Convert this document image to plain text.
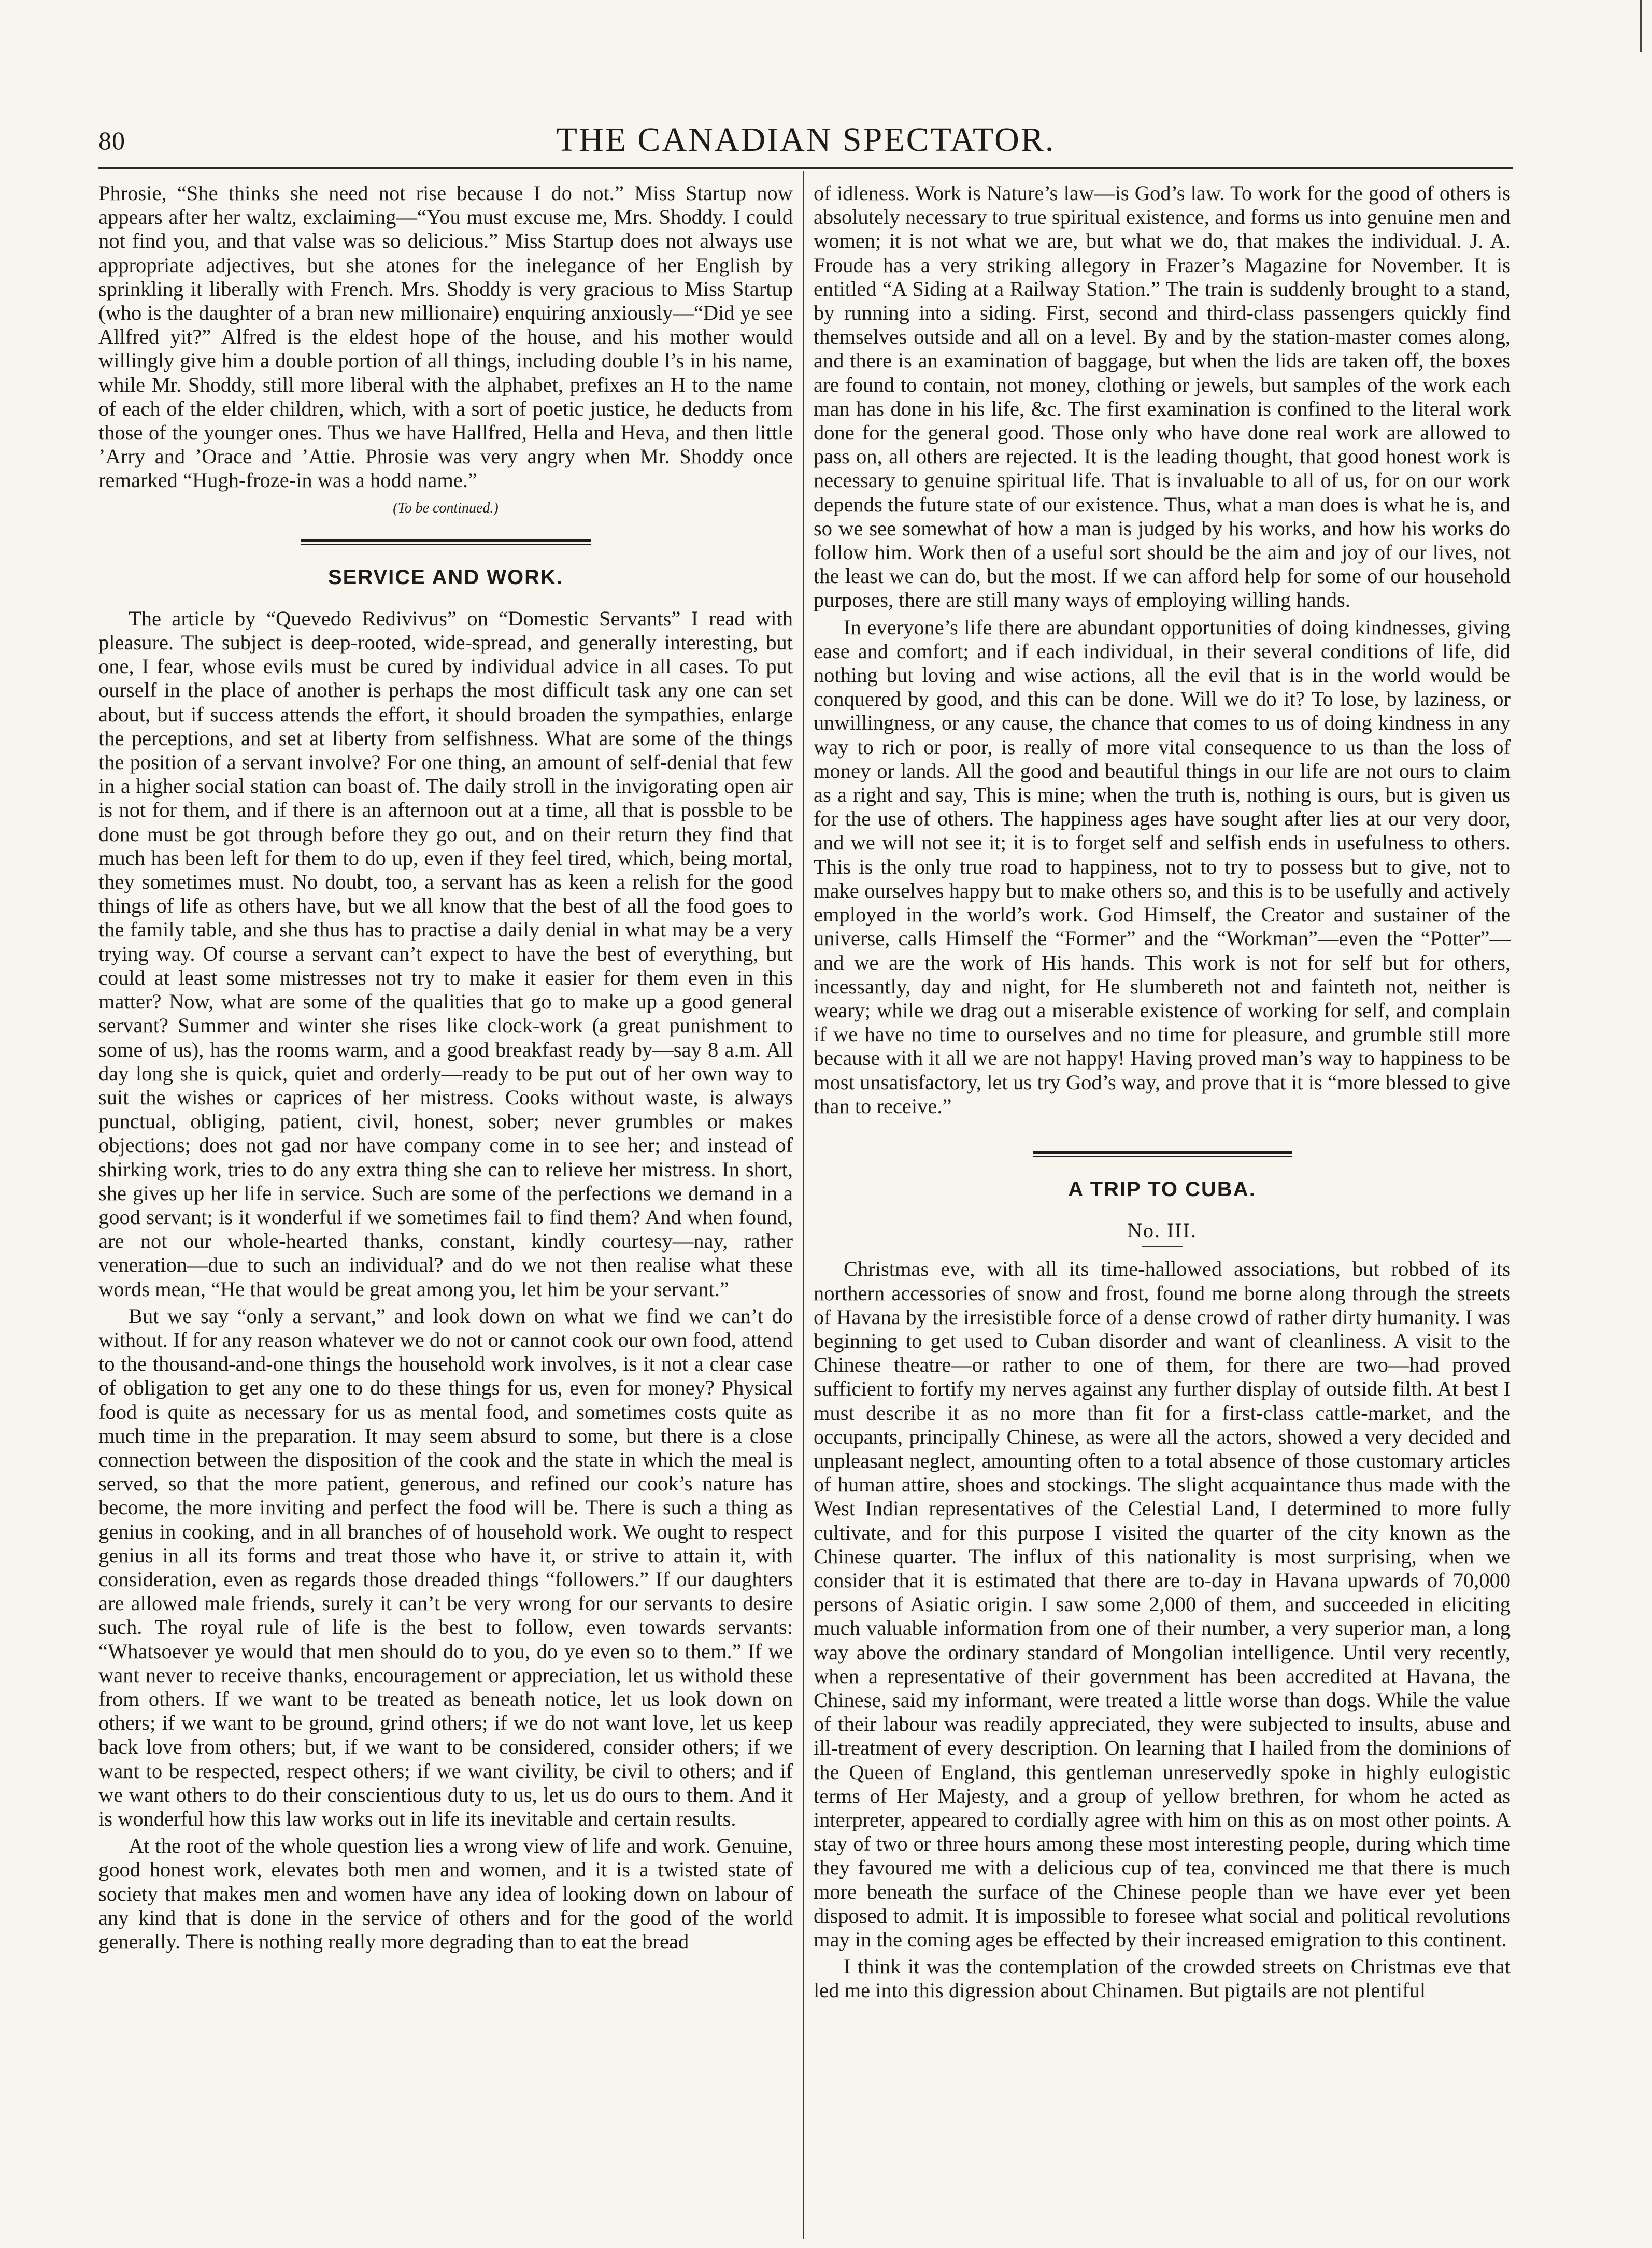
80	THE CANADIAN SPECTATOR.

Phrosie, “She thinks she need not rise because I do not.” Miss Startup now appears after her waltz, exclaiming—“You must excuse me, Mrs. Shoddy. I could not find you, and that valse was so delicious.” Miss Startup does not always use appropriate adjectives, but she atones for the inelegance of her English by sprinkling it liberally with French. Mrs. Shoddy is very gracious to Miss Startup (who is the daughter of a bran new millionaire) enquiring anxiously—“Did ye see Allfred yit?” Alfred is the eldest hope of the house, and his mother would willingly give him a double portion of all things, including double l’s in his name, while Mr. Shoddy, still more liberal with the alphabet, prefixes an H to the name of each of the elder children, which, with a sort of poetic justice, he deducts from those of the younger ones. Thus we have Hallfred, Hella and Heva, and then little ’Arry and ’Orace and ’Attie. Phrosie was very angry when Mr. Shoddy once remarked “Hugh-froze-in was a hodd name.”

(To be continued.)
SERVICE AND WORK.

The article by “Quevedo Redivivus” on “Domestic Servants” I read with pleasure. The subject is deep-rooted, wide-spread, and generally interesting, but one, I fear, whose evils must be cured by individual advice in all cases. To put ourself in the place of another is perhaps the most difficult task any one can set about, but if success attends the effort, it should broaden the sympathies, enlarge the perceptions, and set at liberty from selfishness. What are some of the things the position of a servant involve? For one thing, an amount of self-denial that few in a higher social station can boast of. The daily stroll in the invigorating open air is not for them, and if there is an afternoon out at a time, all that is possble to be done must be got through before they go out, and on their return they find that much has been left for them to do up, even if they feel tired, which, being mortal, they sometimes must. No doubt, too, a servant has as keen a relish for the good things of life as others have, but we all know that the best of all the food goes to the family table, and she thus has to practise a daily denial in what may be a very trying way. Of course a servant can’t expect to have the best of everything, but could at least some mistresses not try to make it easier for them even in this matter? Now, what are some of the qualities that go to make up a good general servant? Summer and winter she rises like clock-work (a great punishment to some of us), has the rooms warm, and a good breakfast ready by—say 8 a.m. All day long she is quick, quiet and orderly—ready to be put out of her own way to suit the wishes or caprices of her mistress. Cooks without waste, is always punctual, obliging, patient, civil, honest, sober; never grumbles or makes objections; does not gad nor have company come in to see her; and instead of shirking work, tries to do any extra thing she can to relieve her mistress. In short, she gives up her life in service. Such are some of the perfections we demand in a good servant; is it wonderful if we sometimes fail to find them? And when found, are not our whole-hearted thanks, constant, kindly courtesy—nay, rather veneration—due to such an individual? and do we not then realise what these words mean, “He that would be great among you, let him be your servant.”

But we say “only a servant,” and look down on what we find we can’t do without. If for any reason whatever we do not or cannot cook our own food, attend to the thousand-and-one things the household work involves, is it not a clear case of obligation to get any one to do these things for us, even for money? Physical food is quite as necessary for us as mental food, and sometimes costs quite as much time in the preparation. It may seem absurd to some, but there is a close connection between the disposition of the cook and the state in which the meal is served, so that the more patient, generous, and refined our cook’s nature has become, the more inviting and perfect the food will be. There is such a thing as genius in cooking, and in all branches of of household work. We ought to respect genius in all its forms and treat those who have it, or strive to attain it, with consideration, even as regards those dreaded things “followers.” If our daughters are allowed male friends, surely it can’t be very wrong for our servants to desire such. The royal rule of life is the best to follow, even towards servants: “Whatsoever ye would that men should do to you, do ye even so to them.” If we want never to receive thanks, encouragement or appreciation, let us withold these from others. If we want to be treated as beneath notice, let us look down on others; if we want to be ground, grind others; if we do not want love, let us keep back love from others; but, if we want to be considered, consider others; if we want to be respected, respect others; if we want civility, be civil to others; and if we want others to do their conscientious duty to us, let us do ours to them. And it is wonderful how this law works out in life its inevitable and certain results.

At the root of the whole question lies a wrong view of life and work. Genuine, good honest work, elevates both men and women, and it is a twisted state of society that makes men and women have any idea of looking down on labour of any kind that is done in the service of others and for the good of the world generally. There is nothing really more degrading than to eat the bread

of idleness. Work is Nature’s law—is God’s law. To work for the good of others is absolutely necessary to true spiritual existence, and forms us into genuine men and women; it is not what we are, but what we do, that makes the individual. J. A. Froude has a very striking allegory in Frazer’s Magazine for November. It is entitled “A Siding at a Railway Station.” The train is suddenly brought to a stand, by running into a siding. First, second and third-class passengers quickly find themselves outside and all on a level. By and by the station-master comes along, and there is an examination of baggage, but when the lids are taken off, the boxes are found to contain, not money, clothing or jewels, but samples of the work each man has done in his life, &c. The first examination is confined to the literal work done for the general good. Those only who have done real work are allowed to pass on, all others are rejected. It is the leading thought, that good honest work is necessary to genuine spiritual life. That is invaluable to all of us, for on our work depends the future state of our existence. Thus, what a man does is what he is, and so we see somewhat of how a man is judged by his works, and how his works do follow him. Work then of a useful sort should be the aim and joy of our lives, not the least we can do, but the most. If we can afford help for some of our household purposes, there are still many ways of employing willing hands.

In everyone’s life there are abundant opportunities of doing kindnesses, giving ease and comfort; and if each individual, in their several conditions of life, did nothing but loving and wise actions, all the evil that is in the world would be conquered by good, and this can be done. Will we do it? To lose, by laziness, or unwillingness, or any cause, the chance that comes to us of doing kindness in any way to rich or poor, is really of more vital consequence to us than the loss of money or lands. All the good and beautiful things in our life are not ours to claim as a right and say, This is mine; when the truth is, nothing is ours, but is given us for the use of others. The happiness ages have sought after lies at our very door, and we will not see it; it is to forget self and selfish ends in usefulness to others. This is the only true road to happiness, not to try to possess but to give, not to make ourselves happy but to make others so, and this is to be usefully and actively employed in the world’s work. God Himself, the Creator and sustainer of the universe, calls Himself the “Former” and the “Workman”—even the “Potter”—and we are the work of His hands. This work is not for self but for others, incessantly, day and night, for He slumbereth not and fainteth not, neither is weary; while we drag out a miserable existence of working for self, and complain if we have no time to ourselves and no time for pleasure, and grumble still more because with it all we are not happy! Having proved man’s way to happiness to be most unsatisfactory, let us try God’s way, and prove that it is “more blessed to give than to receive.”

A TRIP TO CUBA.
No. III.

Christmas eve, with all its time-hallowed associations, but robbed of its northern accessories of snow and frost, found me borne along through the streets of Havana by the irresistible force of a dense crowd of rather dirty humanity. I was beginning to get used to Cuban disorder and want of cleanliness. A visit to the Chinese theatre—or rather to one of them, for there are two—had proved sufficient to fortify my nerves against any further display of outside filth. At best I must describe it as no more than fit for a first-class cattle-market, and the occupants, principally Chinese, as were all the actors, showed a very decided and unpleasant neglect, amounting often to a total absence of those customary articles of human attire, shoes and stockings. The slight acquaintance thus made with the West Indian representatives of the Celestial Land, I determined to more fully cultivate, and for this purpose I visited the quarter of the city known as the Chinese quarter. The influx of this nationality is most surprising, when we consider that it is estimated that there are to-day in Havana upwards of 70,000 persons of Asiatic origin. I saw some 2,000 of them, and succeeded in eliciting much valuable information from one of their number, a very superior man, a long way above the ordinary standard of Mongolian intelligence. Until very recently, when a representative of their government has been accredited at Havana, the Chinese, said my informant, were treated a little worse than dogs. While the value of their labour was readily appreciated, they were subjected to insults, abuse and ill-treatment of every description. On learning that I hailed from the dominions of the Queen of England, this gentleman unreservedly spoke in highly eulogistic terms of Her Majesty, and a group of yellow brethren, for whom he acted as interpreter, appeared to cordially agree with him on this as on most other points. A stay of two or three hours among these most interesting people, during which time they favoured me with a delicious cup of tea, convinced me that there is much more beneath the surface of the Chinese people than we have ever yet been disposed to admit. It is impossible to foresee what social and political revolutions may in the coming ages be effected by their increased emigration to this continent.

I think it was the contemplation of the crowded streets on Christmas eve that led me into this digression about Chinamen. But pigtails are not plentiful
